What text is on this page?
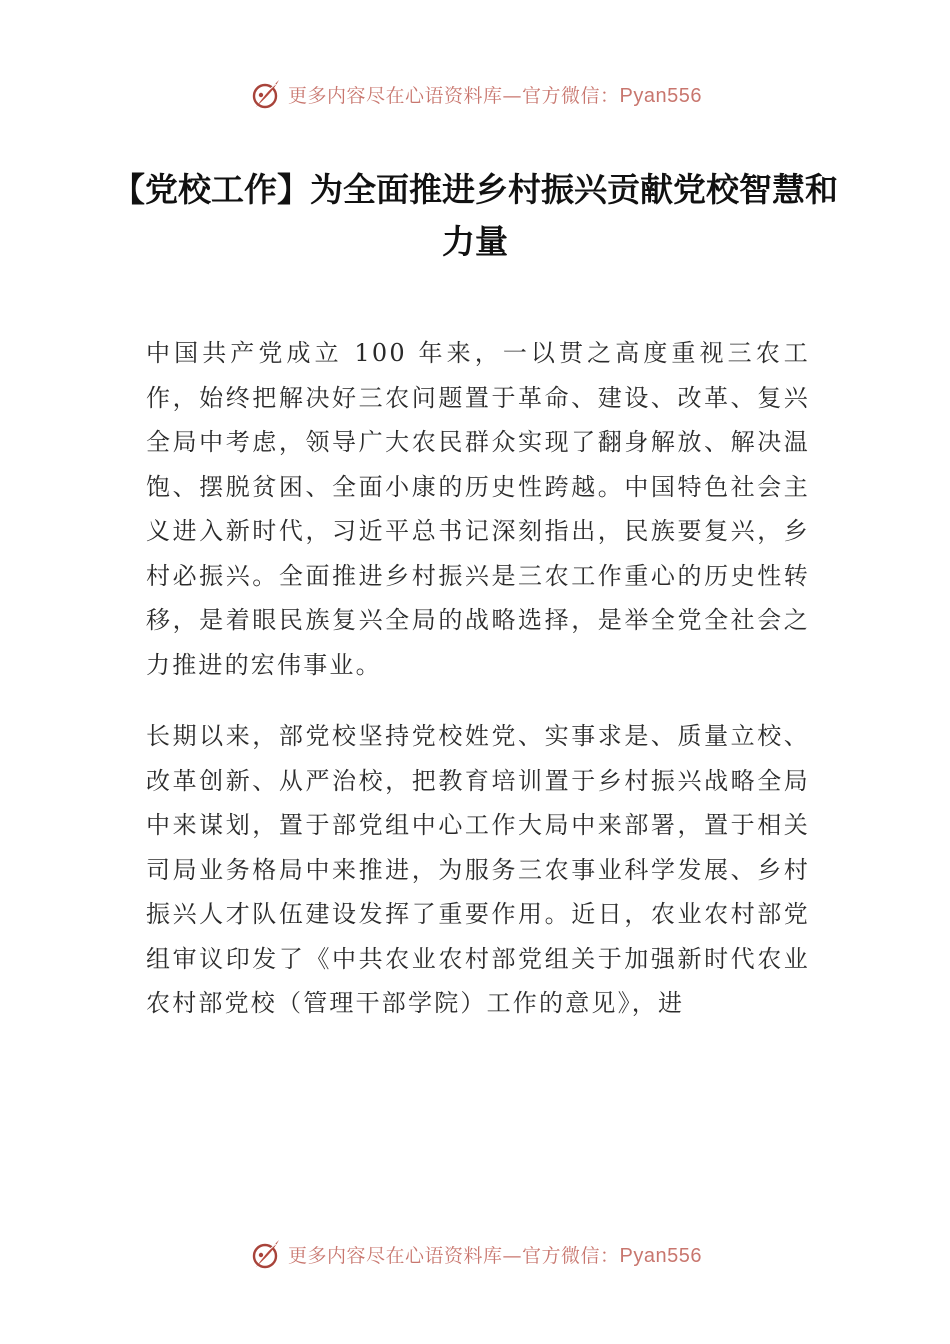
更多内容尽在心语资料库—官方微信：Pyan556
【党校工作】为全面推进乡村振兴贡献党校智慧和力量

中国共产党成立 100 年来，一以贯之高度重视三农工作，始终把解决好三农问题置于革命、建设、改革、复兴全局中考虑，领导广大农民群众实现了翻身解放、解决温饱、摆脱贫困、全面小康的历史性跨越。中国特色社会主义进入新时代，习近平总书记深刻指出，民族要复兴，乡村必振兴。全面推进乡村振兴是三农工作重心的历史性转移，是着眼民族复兴全局的战略选择，是举全党全社会之力推进的宏伟事业。

长期以来，部党校坚持党校姓党、实事求是、质量立校、改革创新、从严治校，把教育培训置于乡村振兴战略全局中来谋划，置于部党组中心工作大局中来部署，置于相关司局业务格局中来推进，为服务三农事业科学发展、乡村振兴人才队伍建设发挥了重要作用。近日，农业农村部党组审议印发了《中共农业农村部党组关于加强新时代农业农村部党校（管理干部学院）工作的意见》，进

更多内容尽在心语资料库—官方微信：Pyan556
